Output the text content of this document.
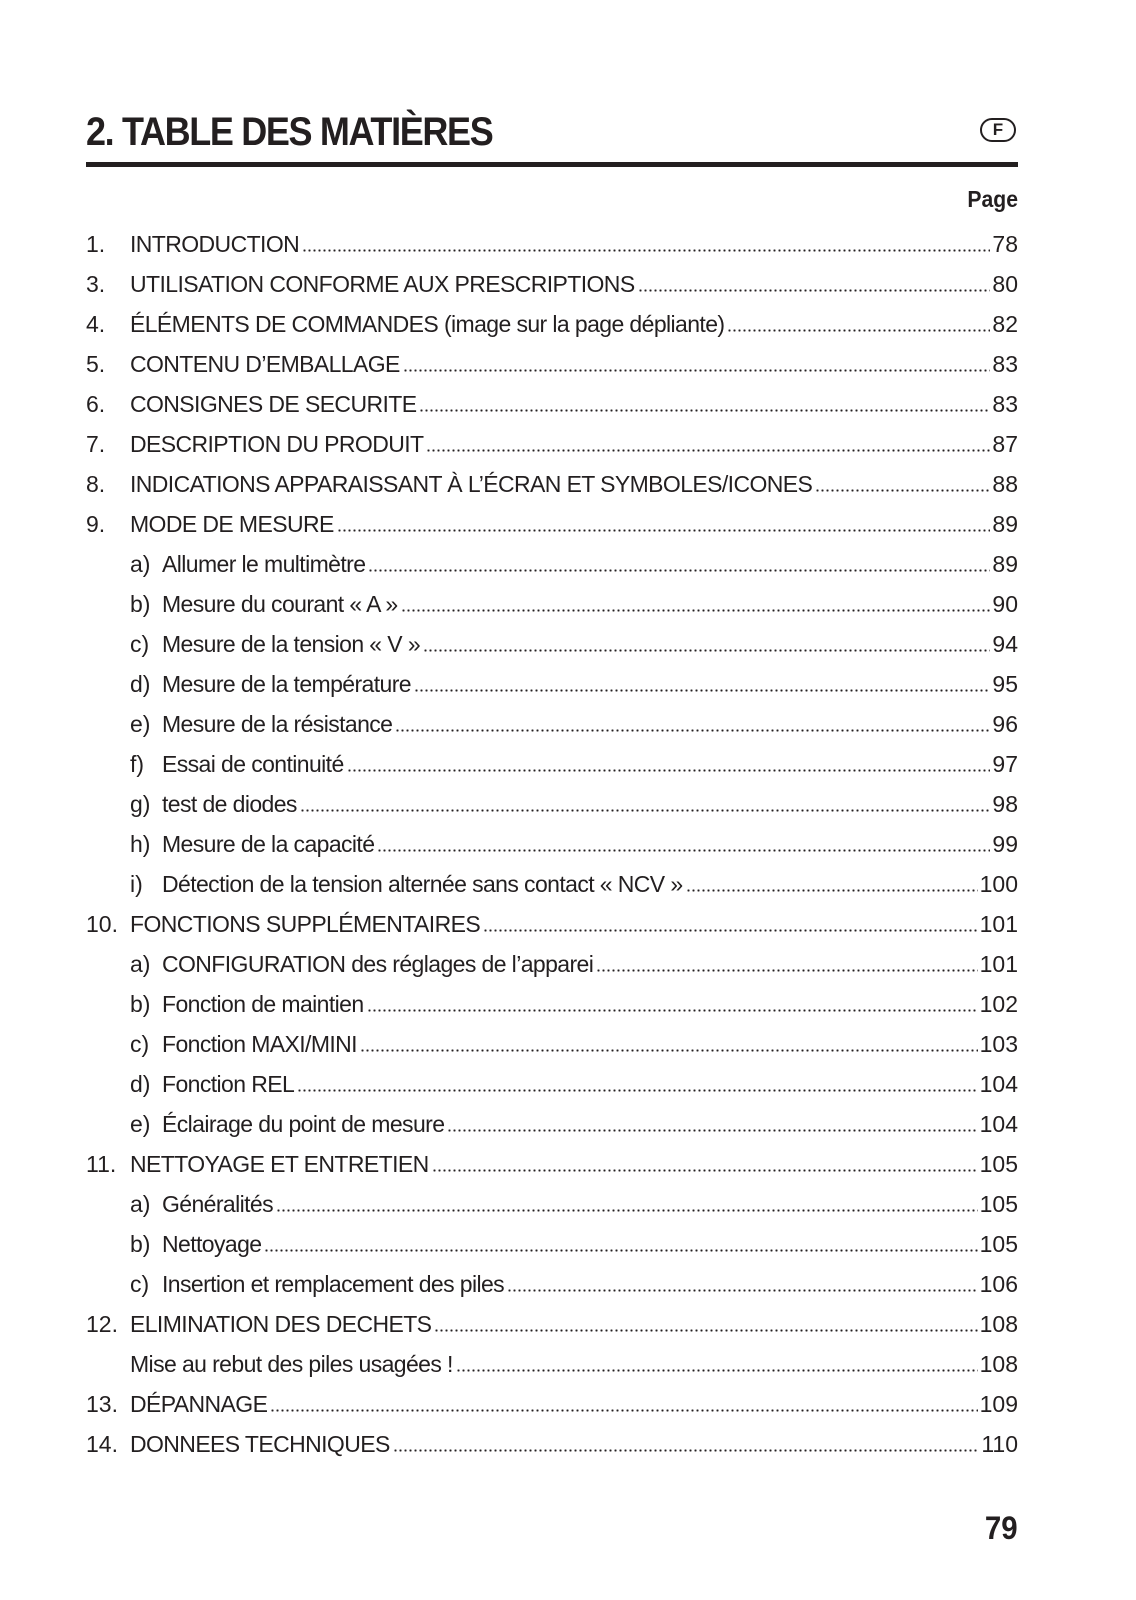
2. TABLE DES MATIÈRES	F
Page
1.	INTRODUCTION	78
3.	UTILISATION CONFORME AUX PRESCRIPTIONS	80
4.	ÉLÉMENTS DE COMMANDES (image sur la page dépliante)	82
5.	CONTENU D’EMBALLAGE	83
6.	CONSIGNES DE SECURITE	83
7.	DESCRIPTION DU PRODUIT	87
8.	INDICATIONS APPARAISSANT À L’ÉCRAN ET SYMBOLES/ICONES	88
9.	MODE DE MESURE	89
a) Allumer le multimètre	89
b) Mesure du courant « A »	90
c) Mesure de la tension « V »	94
d) Mesure de la température	95
e) Mesure de la résistance	96
f) Essai de continuité	97
g) test de diodes	98
h) Mesure de la capacité	99
i) Détection de la tension alternée sans contact « NCV »	100
10. FONCTIONS SUPPLÉMENTAIRES	101
a) CONFIGURATION des réglages de l’apparei	101
b) Fonction de maintien	102
c) Fonction MAXI/MINI	103
d) Fonction REL	104
e) Éclairage du point de mesure	104
11. NETTOYAGE ET ENTRETIEN	105
a) Généralités	105
b) Nettoyage	105
c) Insertion et remplacement des piles	106
12. ELIMINATION DES DECHETS	108
Mise au rebut des piles usagées !	108
13. DÉPANNAGE	109
14. DONNEES TECHNIQUES	110
79
